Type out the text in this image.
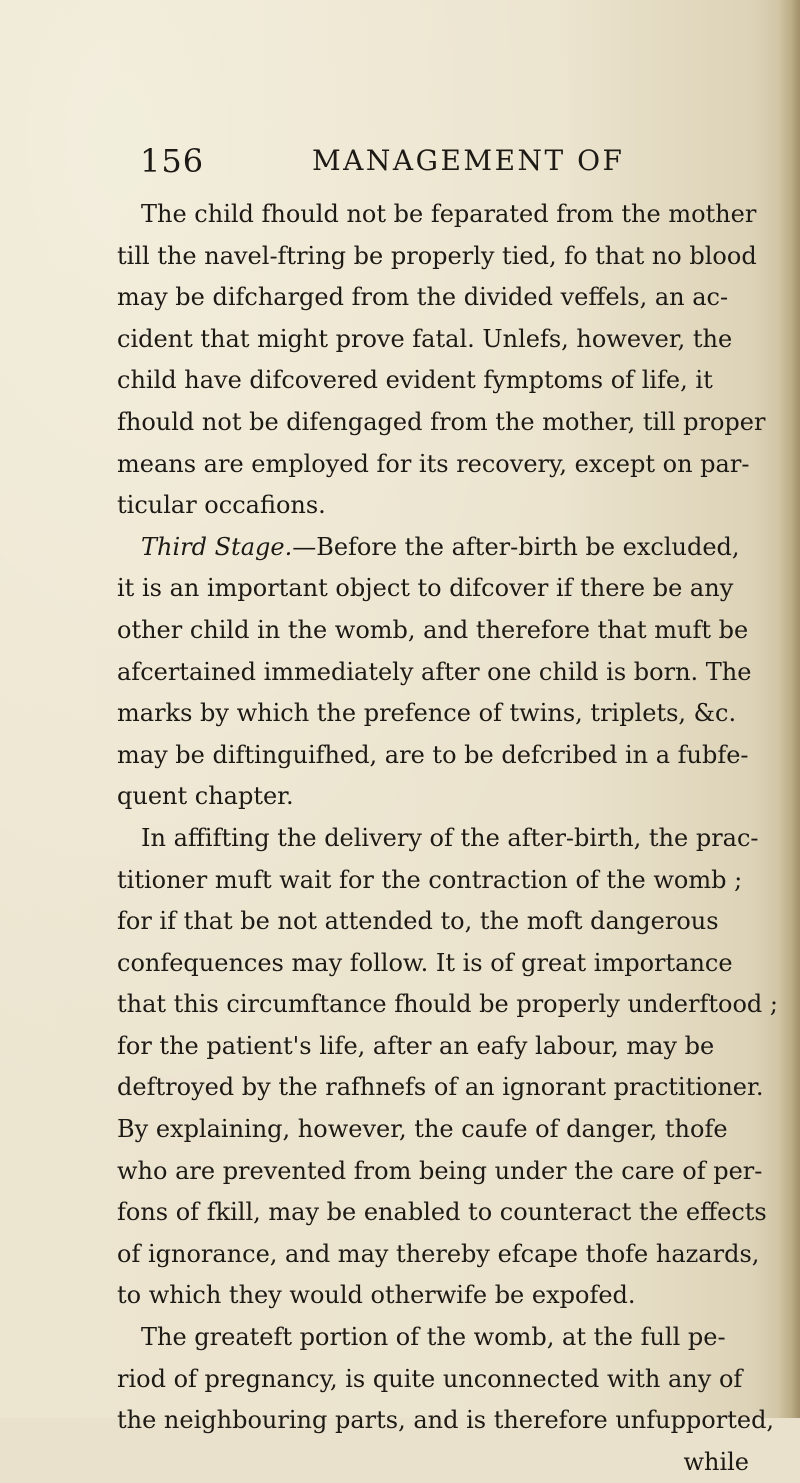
156	MANAGEMENT OF
The child fhould not be feparated from the mother
till the navel-ftring be properly tied, fo that no blood
may be difcharged from the divided veffels, an ac-
cident that might prove fatal. Unlefs, however, the
child have difcovered evident fymptoms of life, it
fhould not be difengaged from the mother, till proper
means are employed for its recovery, except on par-
ticular occafions.
Third Stage.—Before the after-birth be excluded,
it is an important object to difcover if there be any
other child in the womb, and therefore that muft be
afcertained immediately after one child is born. The
marks by which the prefence of twins, triplets, &c.
may be diftinguifhed, are to be defcribed in a fubfe-
quent chapter.
In affifting the delivery of the after-birth, the prac-
titioner muft wait for the contraction of the womb ;
for if that be not attended to, the moft dangerous
confequences may follow. It is of great importance
that this circumftance fhould be properly underftood ;
for the patient's life, after an eafy labour, may be
deftroyed by the rafhnefs of an ignorant practitioner.
By explaining, however, the caufe of danger, thofe
who are prevented from being under the care of per-
fons of fkill, may be enabled to counteract the effects
of ignorance, and may thereby efcape thofe hazards,
to which they would otherwife be expofed.
The greateft portion of the womb, at the full pe-
riod of pregnancy, is quite unconnected with any of
the neighbouring parts, and is therefore unfupported,
while
